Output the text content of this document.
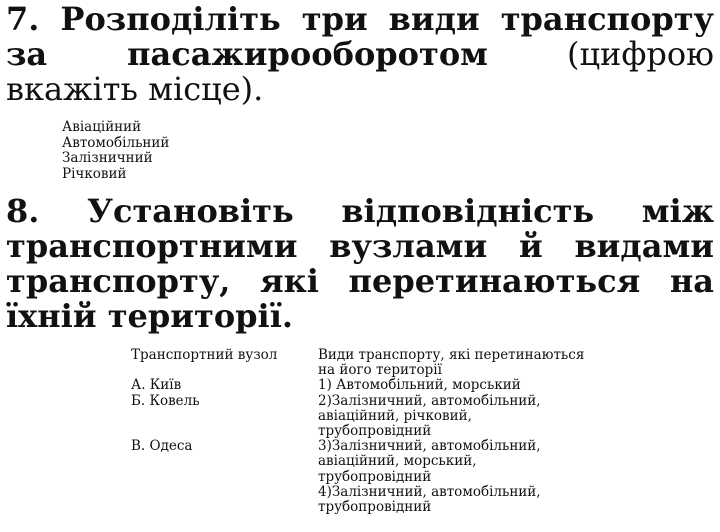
7. Розподіліть три види транспорту за пасажирооборотом (цифрою вкажіть місце).

Авіаційний
Автомобільний
Залізничний
Річковий

8. Установіть відповідність між транспортними вузлами й видами транспорту, які перетинаються на їхній території.

Транспортний вузол	Види транспорту, які перетинаються на його території
А. Київ	1) Автомобільний, морський
Б. Ковель	2)Залізничний, автомобільний, авіаційний, річковий, трубопровідний
В. Одеса	3)Залізничний, автомобільний, авіаційний, морський, трубопровідний
	4)Залізничний, автомобільний, трубопровідний
